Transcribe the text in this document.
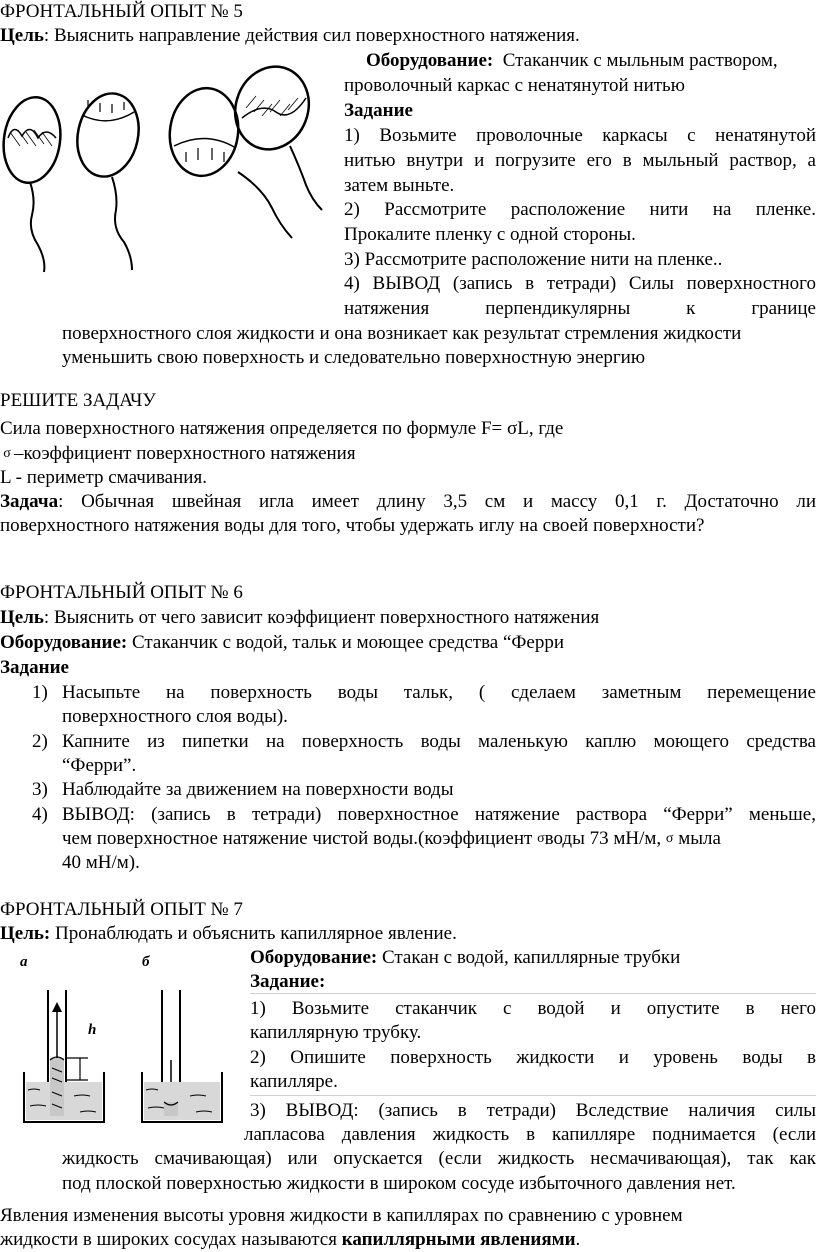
ФРОНТАЛЬНЫЙ ОПЫТ № 5
Цель: Выяснить направление действия сил поверхностного натяжения.
Оборудование: Стаканчик с мыльным раствором,
проволочный каркас с ненатянутой нитью
Задание
1) Возьмите проволочные каркасы с ненатянутой
нитью внутри и погрузите его в мыльный раствор, а
затем выньте.
2) Рассмотрите расположение нити на пленке.
Прокалите пленку с одной стороны.
3) Рассмотрите расположение нити на пленке..
4) ВЫВОД (запись в тетради) Силы поверхностного
натяжения перпендикулярны к границе
поверхностного слоя жидкости и она возникает как результат стремления жидкости
уменьшить свою поверхность и следовательно поверхностную энергию
РЕШИТЕ ЗАДАЧУ
Сила поверхностного натяжения определяется по формуле F= σL, где
σ –коэффициент поверхностного натяжения
L - периметр смачивания.
Задача: Обычная швейная игла имеет длину 3,5 см и массу 0,1 г. Достаточно ли
поверхностного натяжения воды для того, чтобы удержать иглу на своей поверхности?
ФРОНТАЛЬНЫЙ ОПЫТ № 6
Цель: Выяснить от чего зависит коэффициент поверхностного натяжения
Оборудование: Стаканчик с водой, тальк и моющее средства “Ферри
Задание
1) Насыпьте на поверхность воды тальк, ( сделаем заметным перемещение
поверхностного слоя воды).
2) Капните из пипетки на поверхность воды маленькую каплю моющего средства
“Ферри”.
3) Наблюдайте за движением на поверхности воды
4) ВЫВОД: (запись в тетради) поверхностное натяжение раствора “Ферри” меньше,
чем поверхностное натяжение чистой воды.(коэффициент $^\sigma$воды 73 мН/м, $^\sigma$ мыла
40 мН/м).
ФРОНТАЛЬНЫЙ ОПЫТ № 7
Цель: Пронаблюдать и объяснить капиллярное явление.
Оборудование: Стакан с водой, капиллярные трубки
Задание:
1) Возьмите стаканчик с водой и опустите в него
капиллярную трубку.
2) Опишите поверхность жидкости и уровень воды в
капилляре.
3) ВЫВОД: (запись в тетради) Вследствие наличия силы
лапласова давления жидкость в капилляре поднимается (если
жидкость смачивающая) или опускается (если жидкость несмачивающая), так как
под плоской поверхностью жидкости в широком сосуде избыточного давления нет.
Явления изменения высоты уровня жидкости в капиллярах по сравнению с уровнем
жидкости в широких сосудах называются капиллярными явлениями.
а	б
h
